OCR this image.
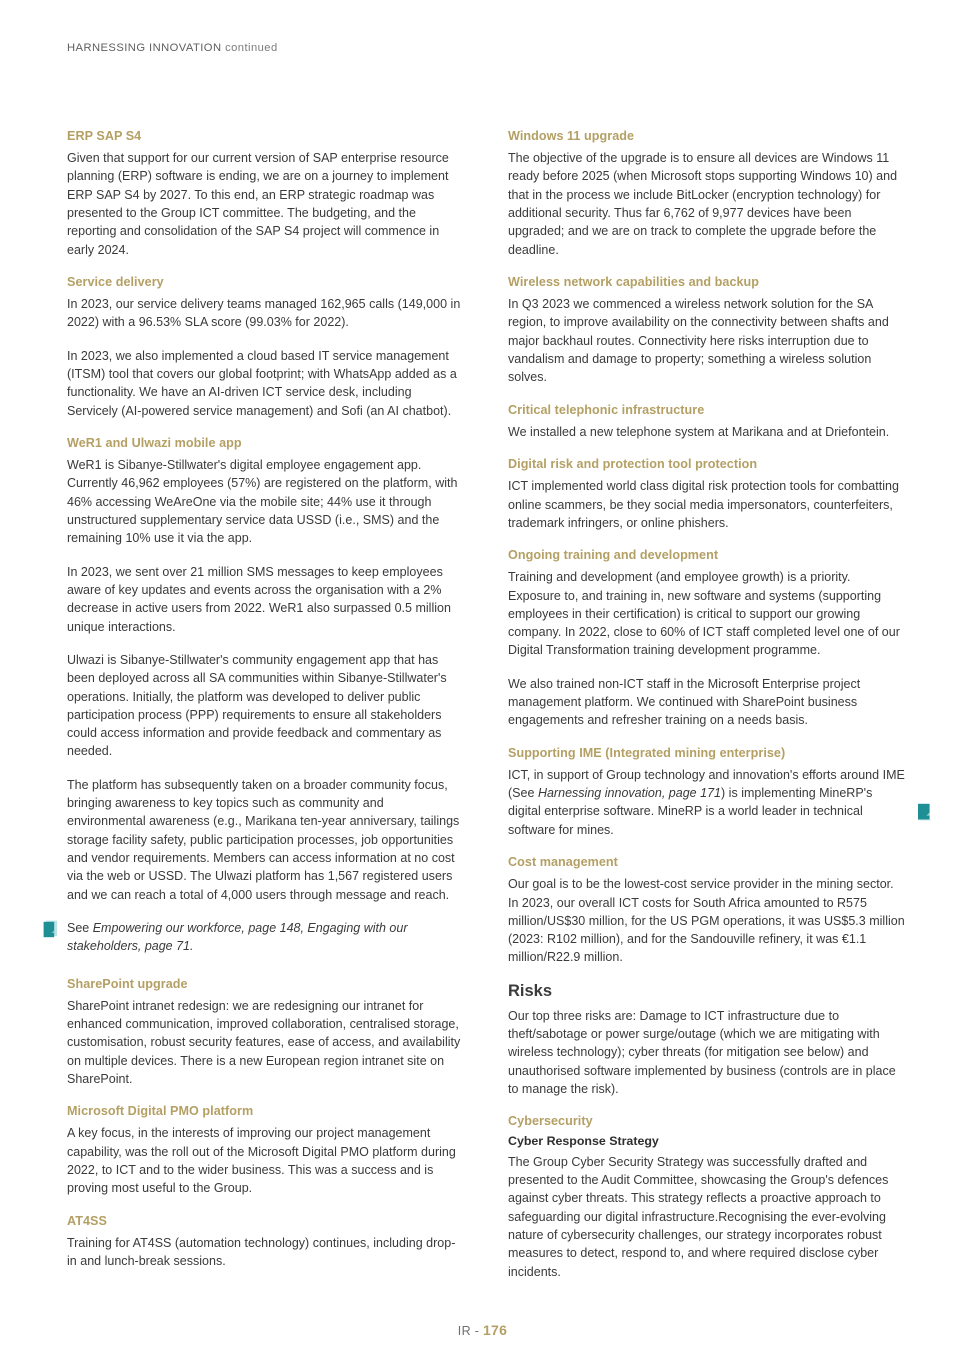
HARNESSING INNOVATION continued
ERP SAP S4

Given that support for our current version of SAP enterprise resource planning (ERP) software is ending, we are on a journey to implement ERP SAP S4 by 2027. To this end, an ERP strategic roadmap was presented to the Group ICT committee. The budgeting, and the reporting and consolidation of the SAP S4 project will commence in early 2024.

Service delivery

In 2023, our service delivery teams managed 162,965 calls (149,000 in 2022) with a 96.53% SLA score (99.03% for 2022).

In 2023, we also implemented a cloud based IT service management (ITSM) tool that covers our global footprint; with WhatsApp added as a functionality. We have an AI-driven ICT service desk, including Servicely (AI-powered service management) and Sofi (an AI chatbot).

WeR1 and Ulwazi mobile app

WeR1 is Sibanye-Stillwater's digital employee engagement app. Currently 46,962 employees (57%) are registered on the platform, with 46% accessing WeAreOne via the mobile site; 44% use it through unstructured supplementary service data USSD (i.e., SMS) and the remaining 10% use it via the app.

In 2023, we sent over 21 million SMS messages to keep employees aware of key updates and events across the organisation with a 2% decrease in active users from 2022. WeR1 also surpassed 0.5 million unique interactions.

Ulwazi is Sibanye-Stillwater's community engagement app that has been deployed across all SA communities within Sibanye-Stillwater's operations. Initially, the platform was developed to deliver public participation process (PPP) requirements to ensure all stakeholders could access information and provide feedback and commentary as needed.

The platform has subsequently taken on a broader community focus, bringing awareness to key topics such as community and environmental awareness (e.g., Marikana ten-year anniversary, tailings storage facility safety, public participation processes, job opportunities and vendor requirements. Members can access information at no cost via the web or USSD. The Ulwazi platform has 1,567 registered users and we can reach a total of 4,000 users through message and reach.

See Empowering our workforce, page 148, Engaging with our stakeholders, page 71.
SharePoint upgrade

SharePoint intranet redesign: we are redesigning our intranet for enhanced communication, improved collaboration, centralised storage, customisation, robust security features, ease of access, and availability on multiple devices. There is a new European region intranet site on SharePoint.

Microsoft Digital PMO platform

A key focus, in the interests of improving our project management capability, was the roll out of the Microsoft Digital PMO platform during 2022, to ICT and to the wider business. This was a success and is proving most useful to the Group.

AT4SS

Training for AT4SS (automation technology) continues, including drop-in and lunch-break sessions.

Windows 11 upgrade

The objective of the upgrade is to ensure all devices are Windows 11 ready before 2025 (when Microsoft stops supporting Windows 10) and that in the process we include BitLocker (encryption technology) for additional security. Thus far 6,762 of 9,977 devices have been upgraded; and we are on track to complete the upgrade before the deadline.

Wireless network capabilities and backup

In Q3 2023 we commenced a wireless network solution for the SA region, to improve availability on the connectivity between shafts and major backhaul routes. Connectivity here risks interruption due to vandalism and damage to property; something a wireless solution solves.

Critical telephonic infrastructure

We installed a new telephone system at Marikana and at Driefontein.

Digital risk and protection tool protection

ICT implemented world class digital risk protection tools for combatting online scammers, be they social media impersonators, counterfeiters, trademark infringers, or online phishers.

Ongoing training and development

Training and development (and employee growth) is a priority. Exposure to, and training in, new software and systems (supporting employees in their certification) is critical to support our growing company. In 2022, close to 60% of ICT staff completed level one of our Digital Transformation training development programme.

We also trained non-ICT staff in the Microsoft Enterprise project management platform. We continued with SharePoint business engagements and refresher training on a needs basis.

Supporting IME (Integrated mining enterprise)

ICT, in support of Group technology and innovation's efforts around IME (See Harnessing innovation, page 171) is implementing MineRP's digital enterprise software. MineRP is a world leader in technical software for mines.

Cost management

Our goal is to be the lowest-cost service provider in the mining sector. In 2023, our overall ICT costs for South Africa amounted to R575 million/US$30 million, for the US PGM operations, it was US$5.3 million (2023: R102 million), and for the Sandouville refinery, it was €1.1 million/R22.9 million.

Risks

Our top three risks are: Damage to ICT infrastructure due to theft/sabotage or power surge/outage (which we are mitigating with wireless technology); cyber threats (for mitigation see below) and unauthorised software implemented by business (controls are in place to manage the risk).

Cybersecurity
Cyber Response Strategy

The Group Cyber Security Strategy was successfully drafted and presented to the Audit Committee, showcasing the Group's defences against cyber threats. This strategy reflects a proactive approach to safeguarding our digital infrastructure.Recognising the ever-evolving nature of cybersecurity challenges, our strategy incorporates robust measures to detect, respond to, and where required disclose cyber incidents.

IR - 176
